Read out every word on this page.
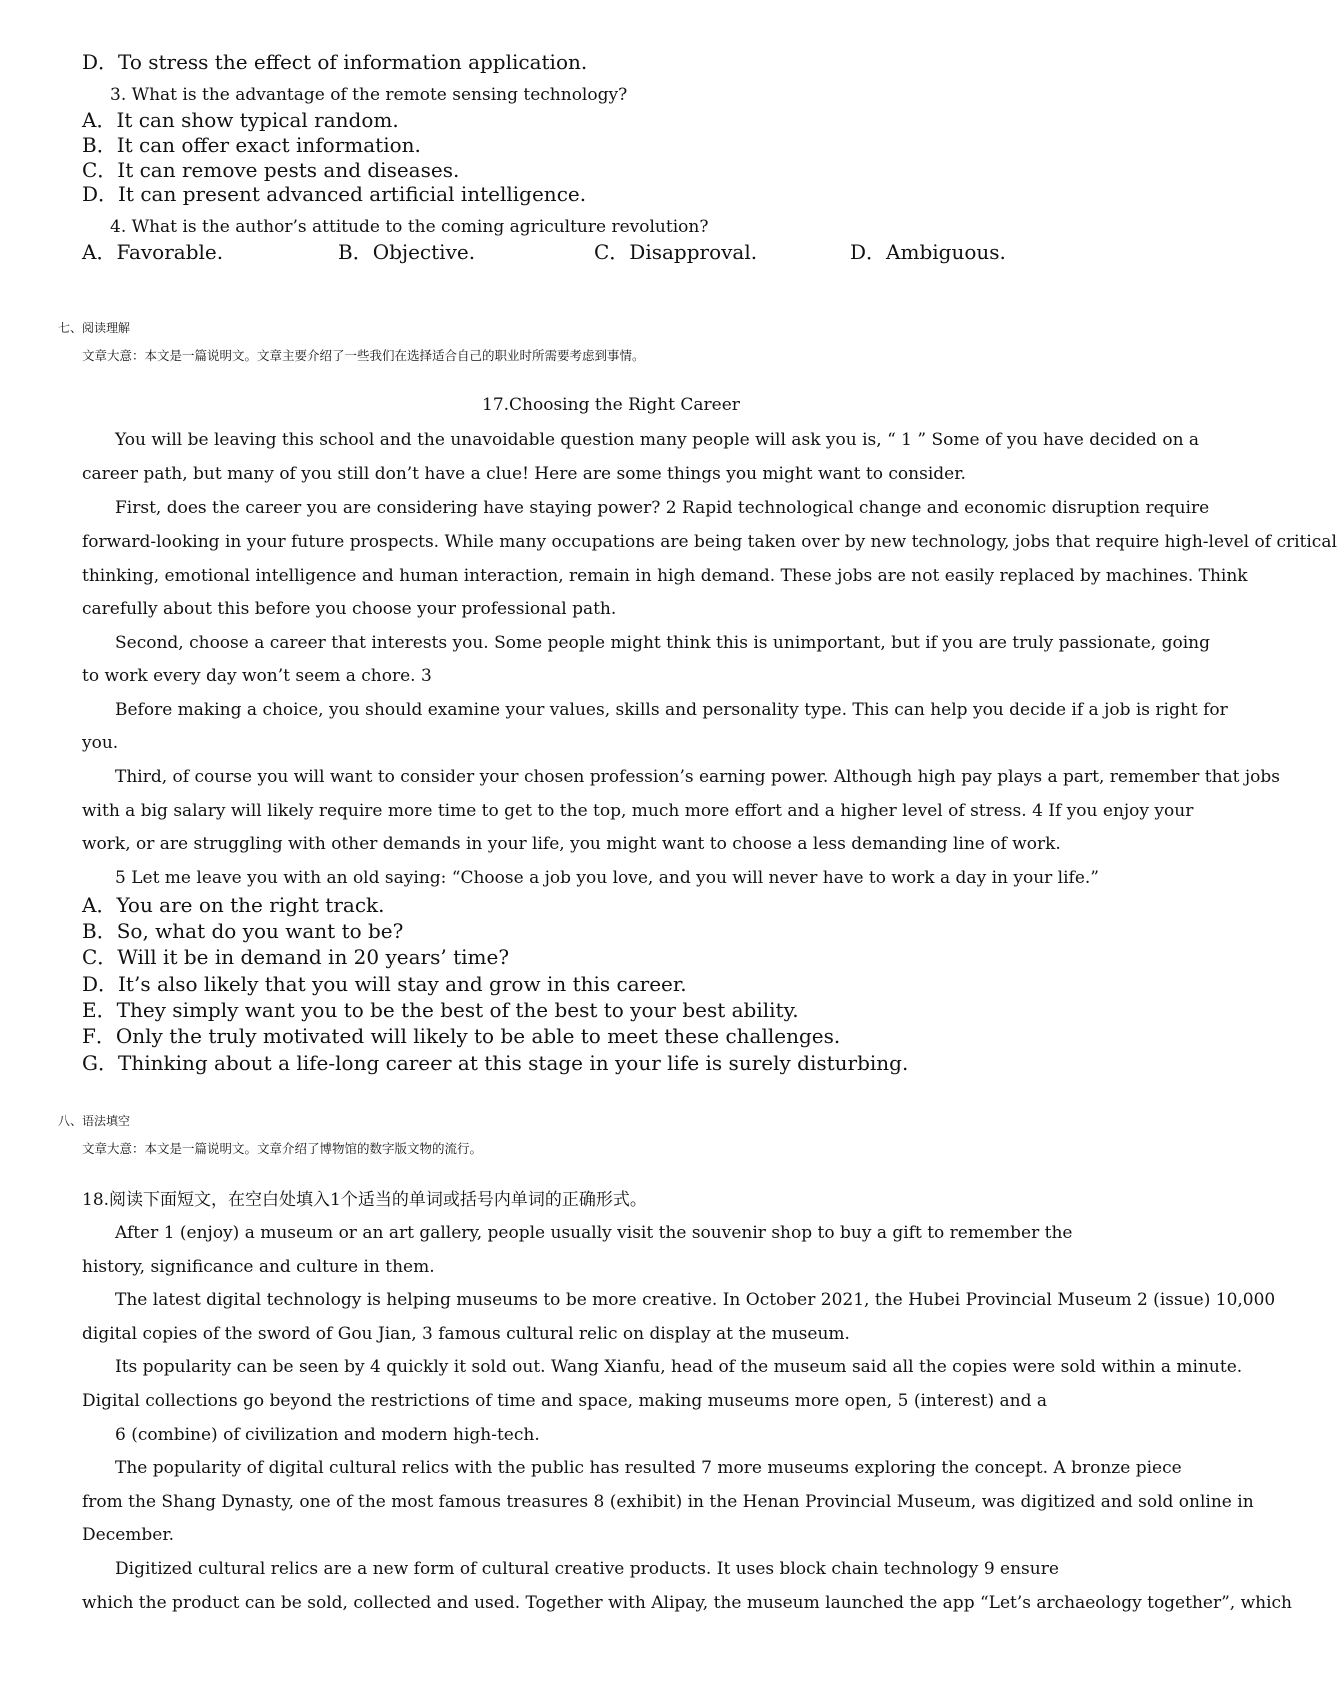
D．To stress the effect of information application.
3. What is the advantage of the remote sensing technology?
A．It can show typical random.
B．It can offer exact information.
C．It can remove pests and diseases.
D．It can present advanced artificial intelligence.
4. What is the author’s attitude to the coming agriculture revolution?
A．Favorable.	B．Objective.	C．Disapproval.	D．Ambiguous.
七、阅读理解
文章大意：本文是一篇说明文。文章主要介绍了一些我们在选择适合自己的职业时所需要考虑到事情。
17.Choosing the Right Career
You will be leaving this school and the unavoidable question many people will ask you is, “ 1 ” Some of you have decided on a
career path, but many of you still don’t have a clue! Here are some things you might want to consider.
First, does the career you are considering have staying power? 2 Rapid technological change and economic disruption require
forward-looking in your future prospects. While many occupations are being taken over by new technology, jobs that require high-level of critical
thinking, emotional intelligence and human interaction, remain in high demand. These jobs are not easily replaced by machines. Think
carefully about this before you choose your professional path.
Second, choose a career that interests you. Some people might think this is unimportant, but if you are truly passionate, going
to work every day won’t seem a chore. 3
Before making a choice, you should examine your values, skills and personality type. This can help you decide if a job is right for
you.
Third, of course you will want to consider your chosen profession’s earning power. Although high pay plays a part, remember that jobs
with a big salary will likely require more time to get to the top, much more effort and a higher level of stress. 4 If you enjoy your
work, or are struggling with other demands in your life, you might want to choose a less demanding line of work.
5 Let me leave you with an old saying: “Choose a job you love, and you will never have to work a day in your life.”
A．You are on the right track.
B．So, what do you want to be?
C．Will it be in demand in 20 years’ time?
D．It’s also likely that you will stay and grow in this career.
E．They simply want you to be the best of the best to your best ability.
F．Only the truly motivated will likely to be able to meet these challenges.
G．Thinking about a life-long career at this stage in your life is surely disturbing.
八、语法填空
文章大意：本文是一篇说明文。文章介绍了博物馆的数字版文物的流行。
18.阅读下面短文，在空白处填入1个适当的单词或括号内单词的正确形式。
After 1 (enjoy) a museum or an art gallery, people usually visit the souvenir shop to buy a gift to remember the
history, significance and culture in them.
The latest digital technology is helping museums to be more creative. In October 2021, the Hubei Provincial Museum 2 (issue) 10,000
digital copies of the sword of Gou Jian, 3 famous cultural relic on display at the museum.
Its popularity can be seen by 4 quickly it sold out. Wang Xianfu, head of the museum said all the copies were sold within a minute.
Digital collections go beyond the restrictions of time and space, making museums more open, 5 (interest) and a
6 (combine) of civilization and modern high-tech.
The popularity of digital cultural relics with the public has resulted 7 more museums exploring the concept. A bronze piece
from the Shang Dynasty, one of the most famous treasures 8 (exhibit) in the Henan Provincial Museum, was digitized and sold online in
December.
Digitized cultural relics are a new form of cultural creative products. It uses block chain technology 9 ensure
which the product can be sold, collected and used. Together with Alipay, the museum launched the app “Let’s archaeology together”, which
